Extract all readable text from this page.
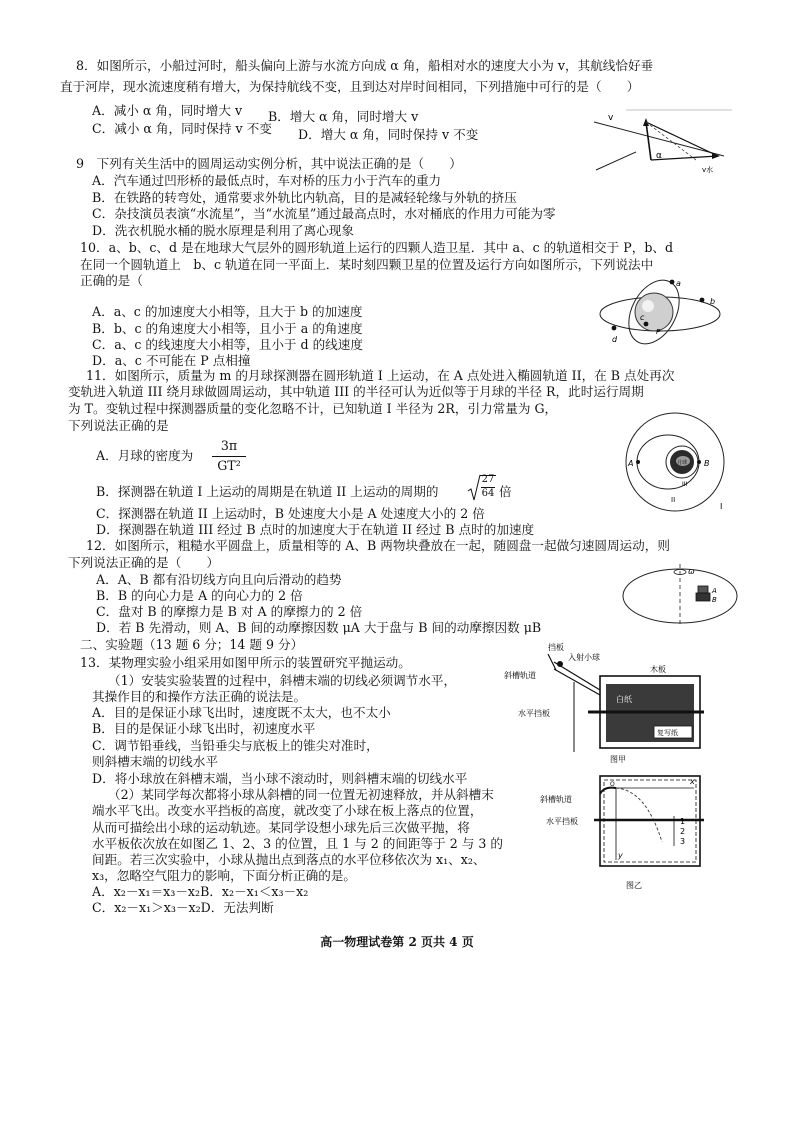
8．如图所示，小船过河时，船头偏向上游与水流方向成 α 角，船相对水的速度大小为 v，其航线恰好垂
直于河岸，现水流速度稍有增大，为保持航线不变，且到达对岸时间相同，下列措施中可行的是（　　）
A．减小 α 角，同时增大 v B．增大 α 角，同时增大 v
C．减小 α 角，同时保持 v 不变 D．增大 α 角，同时保持 v 不变
v
α
v水
9　下列有关生活中的圆周运动实例分析，其中说法正确的是（　　）
A．汽车通过凹形桥的最低点时，车对桥的压力小于汽车的重力
B．在铁路的转弯处，通常要求外轨比内轨高，目的是减轻轮缘与外轨的挤压
C．杂技演员表演“水流星”，当“水流星”通过最高点时，水对桶底的作用力可能为零
D．洗衣机脱水桶的脱水原理是利用了离心现象
10．a、b、c、d 是在地球大气层外的圆形轨道上运行的四颗人造卫星．其中 a、c 的轨道相交于 P，b、d
在同一个圆轨道上　b、c 轨道在同一平面上．某时刻四颗卫星的位置及运行方向如图所示，下列说法中
正确的是（
A．a、c 的加速度大小相等，且大于 b 的加速度
B．b、c 的角速度大小相等，且小于 a 的角速度
C．a、c 的线速度大小相等，且小于 d 的线速度
D．a、c 不可能在 P 点相撞
a
b
c
d
P
11．如图所示，质量为 m 的月球探测器在圆形轨道 I 上运动，在 A 点处进入椭圆轨道 II，在 B 点处再次
变轨进入轨道 III 绕月球做圆周运动，其中轨道 III 的半径可认为近似等于月球的半径 R，此时运行周期
为 T。变轨过程中探测器质量的变化忽略不计，已知轨道 I 半径为 2R，引力常量为 G，
下列说法正确的是
A．月球的密度为
3π
GT²
B．探测器在轨道 I 上运动的周期是在轨道 II 上运动的周期的
27
64 倍
C．探测器在轨道 II 上运动时，B 处速度大小是 A 处速度大小的 2 倍
D．探测器在轨道 III 经过 B 点时的加速度大于在轨道 II 经过 B 点时的加速度
月球
A	B
I
II
III
12．如图所示，粗糙水平圆盘上，质量相等的 A、B 两物块叠放在一起，随圆盘一起做匀速圆周运动，则
下列说法正确的是（　　）
A．A、B 都有沿切线方向且向后滑动的趋势
B．B 的向心力是 A 的向心力的 2 倍
C．盘对 B 的摩擦力是 B 对 A 的摩擦力的 2 倍
D．若 B 先滑动，则 A、B 间的动摩擦因数 μA 大于盘与 B 间的动摩擦因数 μB
ω
A
B
二、实验题（13 题 6 分；14 题 9 分）
13．某物理实验小组采用如图甲所示的装置研究平抛运动。
（1）安装实验装置的过程中，斜槽末端的切线必须调节水平，
其操作目的和操作方法正确的说法是。
A．目的是保证小球飞出时，速度既不太大，也不太小
B．目的是保证小球飞出时，初速度水平
C．调节铅垂线，当铅垂尖与底板上的锥尖对准时，
则斜槽末端的切线水平
D．将小球放在斜槽末端，当小球不滚动时，则斜槽末端的切线水平
（2）某同学每次都将小球从斜槽的同一位置无初速释放，并从斜槽末
端水平飞出。改变水平挡板的高度，就改变了小球在板上落点的位置，
从而可描绘出小球的运动轨迹。某同学设想小球先后三次做平抛，将
水平板依次放在如图乙 1、2、3 的位置，且 1 与 2 的间距等于 2 与 3 的
间距。若三次实验中，小球从抛出点到落点的水平位移依次为 x₁、x₂、
x₃，忽略空气阻力的影响，下面分析正确的是。
A．x₂－x₁＝x₃－x₂B．x₂－x₁＜x₃－x₂
C．x₂－x₁＞x₃－x₂D．无法判断
挡板
入射小球
木板
斜槽轨道
水平挡板
白纸
复写纸
图甲
x
y
O
1
2
3
斜槽轨道
水平挡板
图乙
高一物理试卷第 2 页共 4 页
